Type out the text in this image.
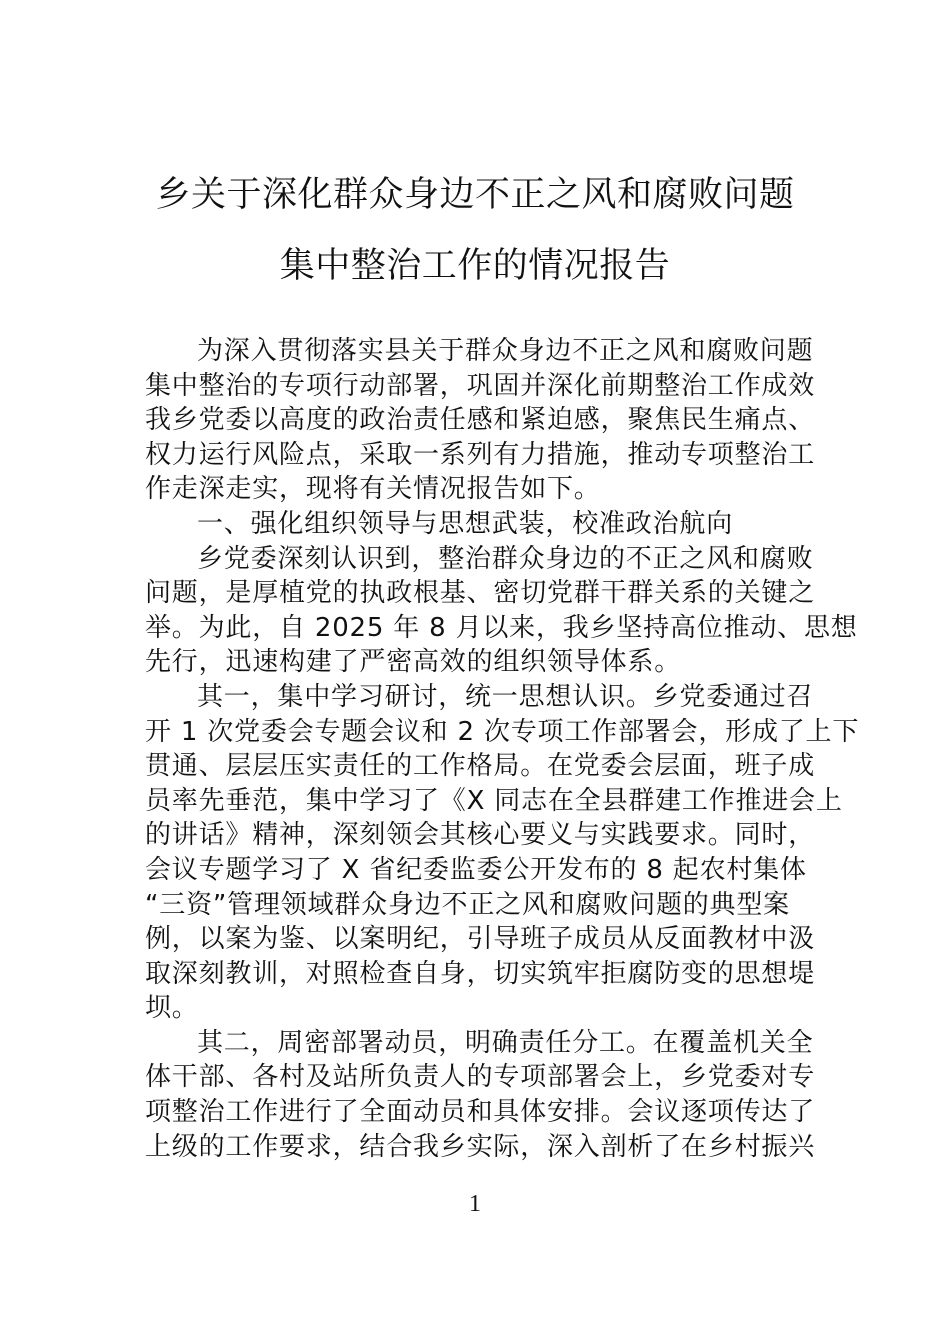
乡关于深化群众身边不正之风和腐败问题
集中整治工作的情况报告
为深入贯彻落实县关于群众身边不正之风和腐败问题
集中整治的专项行动部署，巩固并深化前期整治工作成效
我乡党委以高度的政治责任感和紧迫感，聚焦民生痛点、
权力运行风险点，采取一系列有力措施，推动专项整治工
作走深走实，现将有关情况报告如下。
一、强化组织领导与思想武装，校准政治航向
乡党委深刻认识到，整治群众身边的不正之风和腐败
问题，是厚植党的执政根基、密切党群干群关系的关键之
举。为此，自 2025 年 8 月以来，我乡坚持高位推动、思想
先行，迅速构建了严密高效的组织领导体系。
其一，集中学习研讨，统一思想认识。乡党委通过召
开 1 次党委会专题会议和 2 次专项工作部署会，形成了上下
贯通、层层压实责任的工作格局。在党委会层面，班子成
员率先垂范，集中学习了《X 同志在全县群建工作推进会上
的讲话》精神，深刻领会其核心要义与实践要求。同时，
会议专题学习了 X 省纪委监委公开发布的 8 起农村集体
“三资”管理领域群众身边不正之风和腐败问题的典型案
例，以案为鉴、以案明纪，引导班子成员从反面教材中汲
取深刻教训，对照检查自身，切实筑牢拒腐防变的思想堤
坝。
其二，周密部署动员，明确责任分工。在覆盖机关全
体干部、各村及站所负责人的专项部署会上，乡党委对专
项整治工作进行了全面动员和具体安排。会议逐项传达了
上级的工作要求，结合我乡实际，深入剖析了在乡村振兴
1
